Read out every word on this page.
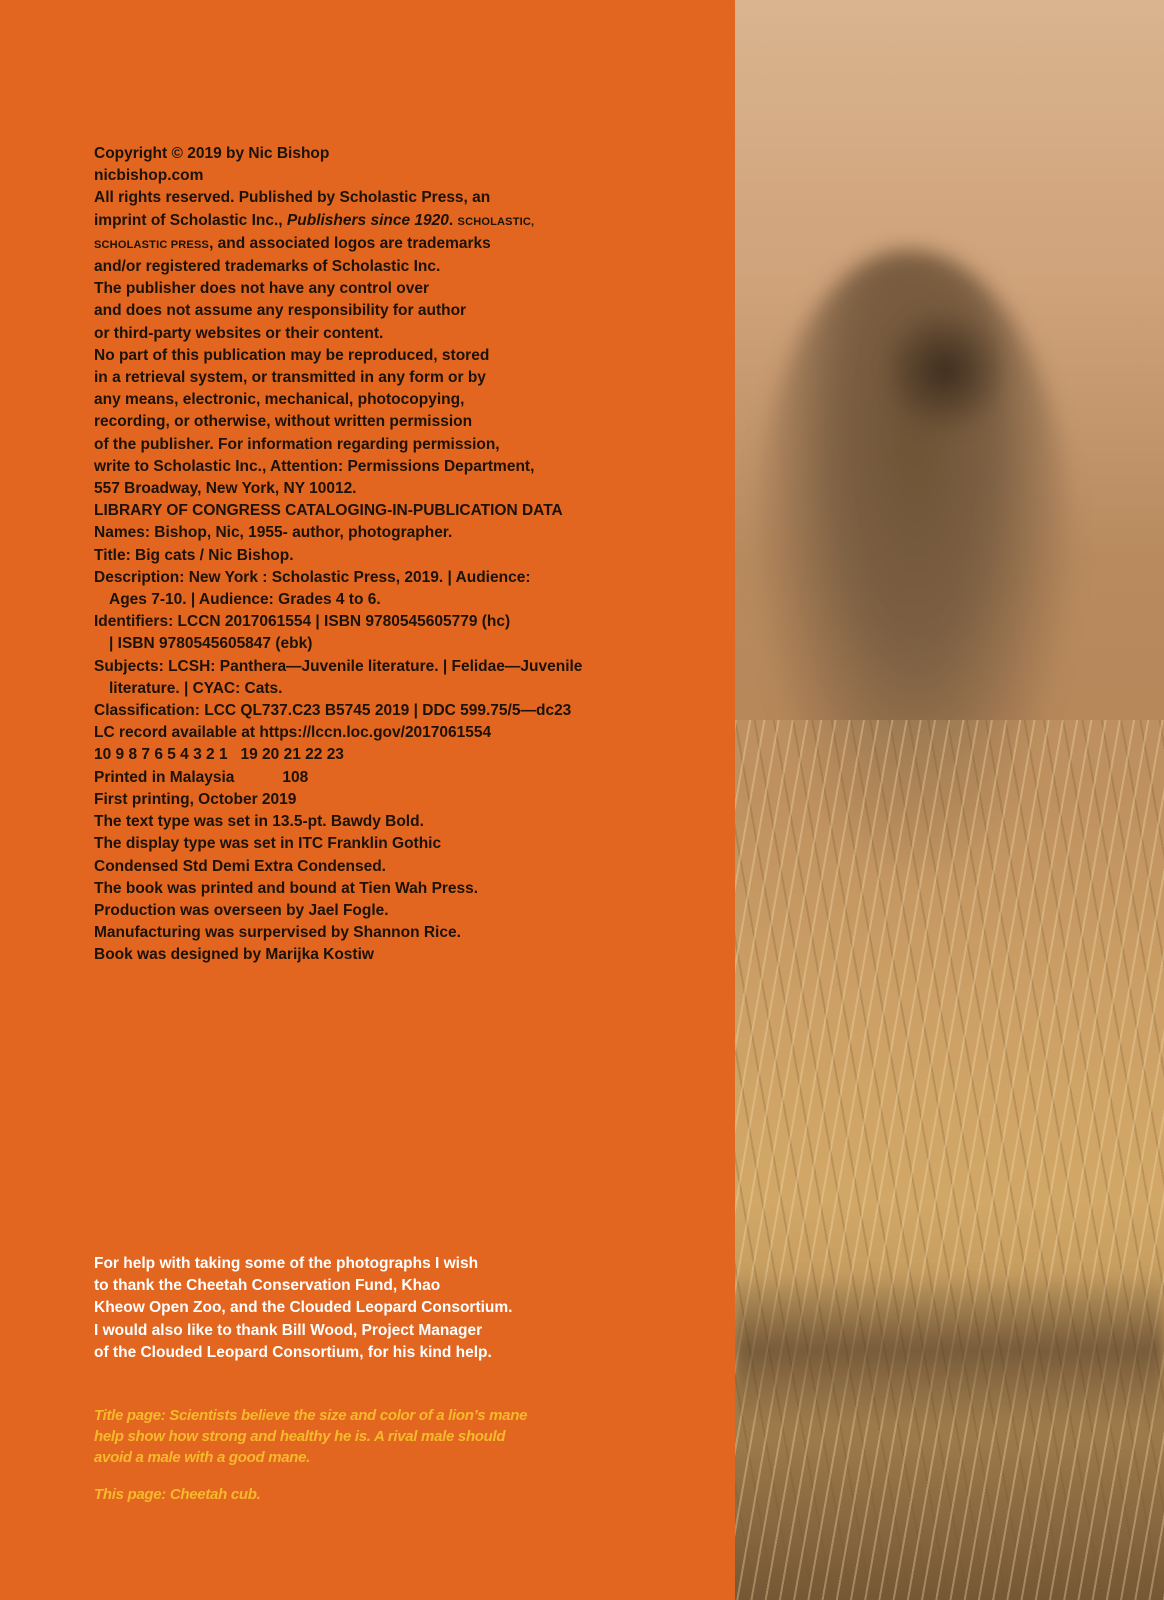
Copyright © 2019 by Nic Bishop
nicbishop.com

All rights reserved. Published by Scholastic Press, an
imprint of Scholastic Inc., Publishers since 1920. SCHOLASTIC,
SCHOLASTIC PRESS, and associated logos are trademarks
and/or registered trademarks of Scholastic Inc.

The publisher does not have any control over
and does not assume any responsibility for author
or third-party websites or their content.

No part of this publication may be reproduced, stored
in a retrieval system, or transmitted in any form or by
any means, electronic, mechanical, photocopying,
recording, or otherwise, without written permission
of the publisher. For information regarding permission,
write to Scholastic Inc., Attention: Permissions Department,
557 Broadway, New York, NY 10012.

LIBRARY OF CONGRESS CATALOGING-IN-PUBLICATION DATA
Names: Bishop, Nic, 1955- author, photographer.
Title: Big cats / Nic Bishop.
Description: New York : Scholastic Press, 2019. | Audience:
Ages 7-10. | Audience: Grades 4 to 6.
Identifiers: LCCN 2017061554 | ISBN 9780545605779 (hc)
| ISBN 9780545605847 (ebk)
Subjects: LCSH: Panthera—Juvenile literature. | Felidae—Juvenile
literature. | CYAC: Cats.
Classification: LCC QL737.C23 B5745 2019 | DDC 599.75/5—dc23
LC record available at https://lccn.loc.gov/2017061554

10 9 8 7 6 5 4 3 2 1   19 20 21 22 23

Printed in Malaysia	108
First printing, October 2019

The text type was set in 13.5-pt. Bawdy Bold.
The display type was set in ITC Franklin Gothic
Condensed Std Demi Extra Condensed.
The book was printed and bound at Tien Wah Press.
Production was overseen by Jael Fogle.
Manufacturing was surpervised by Shannon Rice.
Book was designed by Marijka Kostiw

For help with taking some of the photographs I wish
to thank the Cheetah Conservation Fund, Khao
Kheow Open Zoo, and the Clouded Leopard Consortium.
I would also like to thank Bill Wood, Project Manager
of the Clouded Leopard Consortium, for his kind help.
Title page: Scientists believe the size and color of a lion’s mane
help show how strong and healthy he is. A rival male should
avoid a male with a good mane.
This page: Cheetah cub.
